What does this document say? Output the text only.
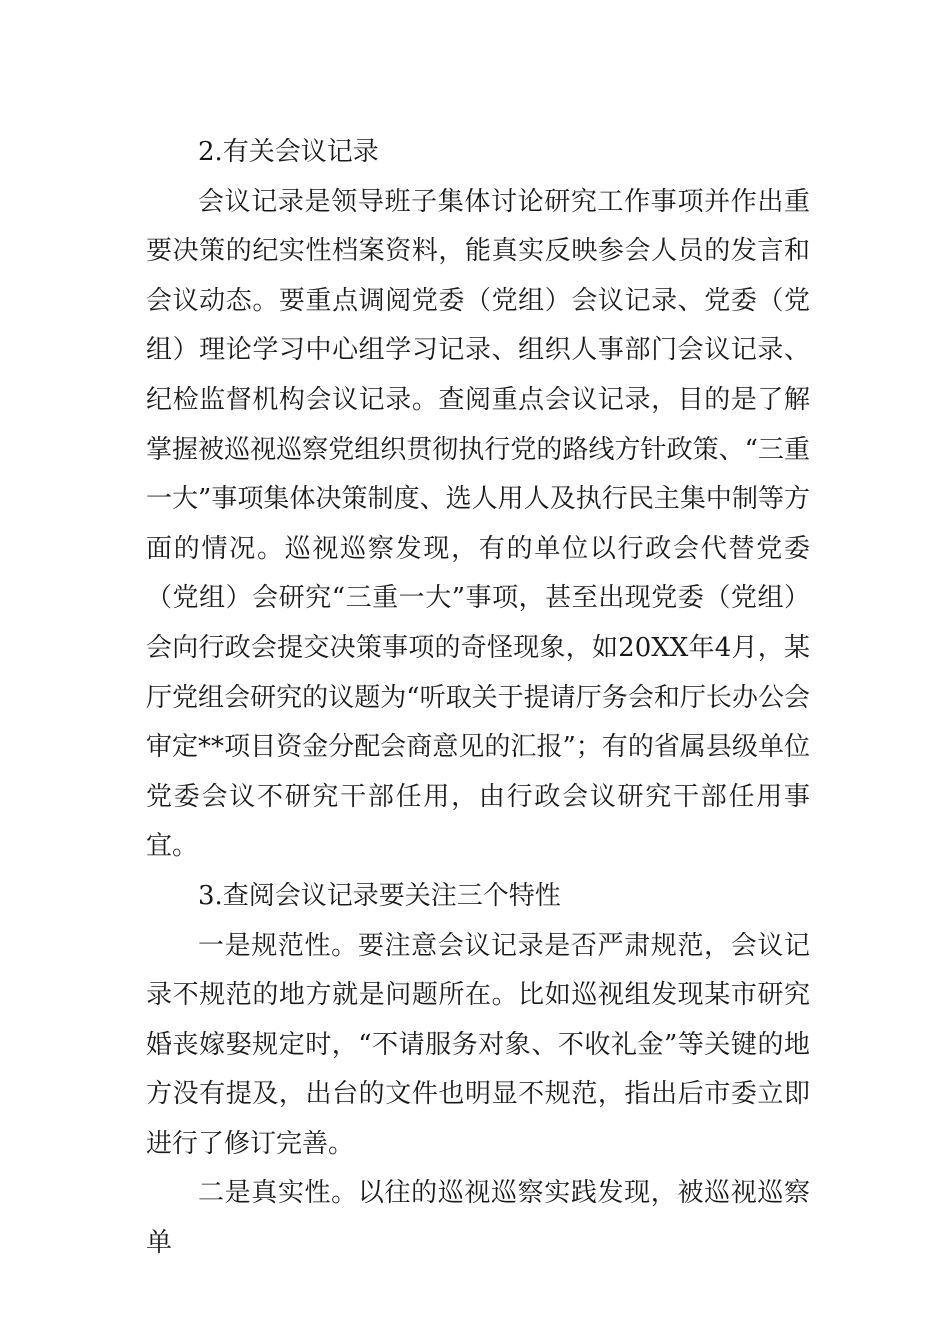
2.有关会议记录

会议记录是领导班子集体讨论研究工作事项并作出重要决策的纪实性档案资料，能真实反映参会人员的发言和会议动态。要重点调阅党委（党组）会议记录、党委（党组）理论学习中心组学习记录、组织人事部门会议记录、纪检监督机构会议记录。查阅重点会议记录，目的是了解掌握被巡视巡察党组织贯彻执行党的路线方针政策、“三重一大”事项集体决策制度、选人用人及执行民主集中制等方面的情况。巡视巡察发现，有的单位以行政会代替党委（党组）会研究“三重一大”事项，甚至出现党委（党组）会向行政会提交决策事项的奇怪现象，如20XX年4月，某厅党组会研究的议题为“听取关于提请厅务会和厅长办公会审定**项目资金分配会商意见的汇报”；有的省属县级单位党委会议不研究干部任用，由行政会议研究干部任用事宜。

3.查阅会议记录要关注三个特性

一是规范性。要注意会议记录是否严肃规范，会议记录不规范的地方就是问题所在。比如巡视组发现某市研究婚丧嫁娶规定时，“不请服务对象、不收礼金”等关键的地方没有提及，出台的文件也明显不规范，指出后市委立即进行了修订完善。

二是真实性。以往的巡视巡察实践发现，被巡视巡察单
